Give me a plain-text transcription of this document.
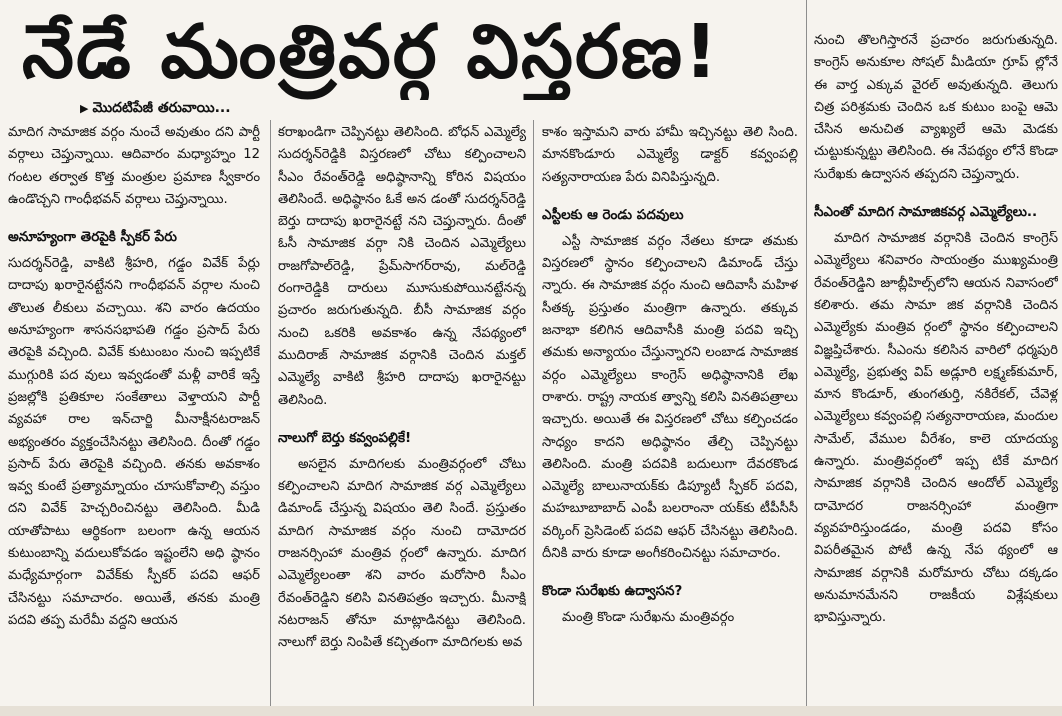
నేడే మంత్రివర్గ విస్తరణ!
▶ మొదటిపేజీ తరువాయి...

మాదిగ సామాజిక వర్గం నుంచే అవుతుం దని పార్టీ వర్గాలు చెప్తున్నాయి. ఆదివారం మధ్యాహ్నం 12 గంటల తర్వాత కొత్త మంత్రుల ప్రమాణ స్వీకారం ఉండొచ్చని గాంధీభవన్ వర్గాలు చెప్తున్నాయి.

అనూహ్యంగా తెరపైకి స్పీకర్ పేరు

సుదర్శన్‌రెడ్డి, వాకిటి శ్రీహరి, గడ్డం వివేక్ పేర్లు దాదాపు ఖరారైనట్టేనని గాంధీభవన్ వర్గాల నుంచి తొలుత లీకులు వచ్చాయి. శని వారం ఉదయం అనూహ్యంగా శాసనసభాపతి గడ్డం ప్రసాద్ పేరు తెరపైకి వచ్చింది. వివేక్ కుటుంబం నుంచి ఇప్పటికే ముగ్గురికి పద వులు ఇవ్వడంతో మళ్లీ వారికే ఇస్తే ప్రజల్లోకి ప్రతికూల సంకేతాలు వెళ్తాయని పార్టీ వ్యవహా రాల ఇన్‌చార్జి మీనాక్షీనటరాజన్ అభ్యంతరం వ్యక్తంచేసినట్టు తెలిసింది. దీంతో గడ్డం ప్రసాద్ పేరు తెరపైకి వచ్చింది. తనకు అవకాశం ఇవ్వ కుంటే ప్రత్యామ్నాయం చూసుకోవాల్సి వస్తుం దని వివేక్ హెచ్చరించినట్టు తెలిసింది. మీడి యాతోపాటు ఆర్థికంగా బలంగా ఉన్న ఆయన కుటుంబాన్ని వదులుకోవడం ఇష్టంలేని అధి ష్ఠానం మధ్యేమార్గంగా వివేక్‌కు స్పీకర్ పదవి ఆఫర్ చేసినట్టు సమాచారం. అయితే, తనకు మంత్రి పదవి తప్ప మరేమీ వద్దని ఆయన

కరాఖండిగా చెప్పినట్టు తెలిసింది. బోధన్ ఎమ్మెల్యే సుదర్శన్‌రెడ్డికి విస్తరణలో చోటు కల్పించాలని సీఎం రేవంత్‌రెడ్డి అధిష్ఠానాన్ని కోరిన విషయం తెలిసిందే. అధిష్ఠానం ఓకే అన డంతో సుదర్శన్‌రెడ్డి బెర్తు దాదాపు ఖరారైనట్టే నని చెప్తున్నారు. దీంతో ఓసీ సామాజిక వర్గా నికి చెందిన ఎమ్మెల్యేలు రాజగోపాల్‌రెడ్డి, ప్రేమ్‌సాగర్‌రావు, మల్‌రెడ్డి రంగారెడ్డికి దారులు మూసుకుపోయినట్టేనన్న ప్రచారం జరుగుతున్నది. బీసీ సామాజిక వర్గం నుంచి ఒకరికి అవకాశం ఉన్న నేపథ్యంలో ముదిరాజ్ సామాజిక వర్గానికి చెందిన మక్తల్ ఎమ్మెల్యే వాకిటి శ్రీహరి దాదాపు ఖరారైనట్టు తెలిసింది.

నాలుగో బెర్తు కవ్వంపల్లికే!

అసలైన మాదిగలకు మంత్రివర్గంలో చోటు కల్పించాలని మాదిగ సామాజిక వర్గ ఎమ్మెల్యేలు డిమాండ్ చేస్తున్న విషయం తెలి సిందే. ప్రస్తుతం మాదిగ సామాజిక వర్గం నుంచి దామోదర రాజనర్సింహా మంత్రివ ర్గంలో ఉన్నారు. మాదిగ ఎమ్మెల్యేలంతా శని వారం మరోసారి సీఎం రేవంత్‌రెడ్డిని కలిసి వినతిపత్రం ఇచ్చారు. మీనాక్షి నటరాజన్ తోనూ మాట్లాడినట్టు తెలిసింది. నాలుగో బెర్తు నింపితే కచ్చితంగా మాదిగలకు అవ

కాశం ఇస్తామని వారు హామీ ఇచ్చినట్టు తెలి సింది. మానకొండూరు ఎమ్మెల్యే డాక్టర్ కవ్వంపల్లి సత్యనారాయణ పేరు వినిపిస్తున్నది.

ఎస్టీలకు ఆ రెండు పదవులు

ఎస్టీ సామాజిక వర్గం నేతలు కూడా తమకు విస్తరణలో స్థానం కల్పించాలని డిమాండ్ చేస్తు న్నారు. ఈ సామాజిక వర్గం నుంచి ఆదివాసీ మహిళ సీతక్క ప్రస్తుతం మంత్రిగా ఉన్నారు. తక్కువ జనాభా కలిగిన ఆదివాసీకి మంత్రి పదవి ఇచ్చి తమకు అన్యాయం చేస్తున్నారని లంబాడ సామాజిక వర్గం ఎమ్మెల్యేలు కాంగ్రెస్ అధిష్ఠానానికి లేఖ రాశారు. రాష్ట్ర నాయక త్వాన్ని కలిసి వినతిపత్రాలు ఇచ్చారు. అయితే ఈ విస్తరణలో చోటు కల్పించడం సాధ్యం కాదని అధిష్ఠానం తేల్చి చెప్పినట్టు తెలిసింది. మంత్రి పదవికి బదులుగా దేవరకొండ ఎమ్మెల్యే బాలునాయక్‌కు డిప్యూటీ స్పీకర్ పదవి, మహబూబాబాద్ ఎంపీ బలరాంనా యక్‌కు టీపీసీసీ వర్కింగ్ ప్రెసిడెంట్ పదవి ఆఫర్ చేసినట్టు తెలిసింది. దీనికి వారు కూడా అంగీకరించినట్టు సమాచారం.

కొండా సురేఖకు ఉద్వాసన?

మంత్రి కొండా సురేఖను మంత్రివర్గం

నుంచి తొలగిస్తారనే ప్రచారం జరుగుతున్నది. కాంగ్రెస్ అనుకూల సోషల్ మీడియా గ్రూప్ ల్లోనే ఈ వార్త ఎక్కువ వైరల్ అవుతున్నది. తెలుగు చిత్ర పరిశ్రమకు చెందిన ఒక కుటుం బంపై ఆమె చేసిన అనుచిత వ్యాఖ్యలే ఆమె మెడకు చుట్టుకున్నట్టు తెలిసింది. ఈ నేపథ్యం లోనే కొండా సురేఖకు ఉద్వాసన తప్పదని చెప్తున్నారు.

సీఎంతో మాదిగ సామాజికవర్గ ఎమ్మెల్యేలు..

మాదిగ సామాజిక వర్గానికి చెందిన కాంగ్రెస్ ఎమ్మెల్యేలు శనివారం సాయంత్రం ముఖ్యమంత్రి రేవంత్‌రెడ్డిని జూబ్లీహిల్స్‌లోని ఆయన నివాసంలో కలిశారు. తమ సామా జిక వర్గానికి చెందిన ఎమ్మెల్యేకు మంత్రివ ర్గంలో స్థానం కల్పించాలని విజ్ఞప్తిచేశారు. సీఎంను కలిసిన వారిలో ధర్మపురి ఎమ్మెల్యే, ప్రభుత్వ విప్ అడ్లూరి లక్ష్మణ్‌కుమార్, మాన కొండూర్, తుంగతుర్తి, నకిరేకల్, చేవెళ్ల ఎమ్మెల్యేలు కవ్వంపల్లి సత్యనారాయణ, మందుల సామేల్, వేముల వీరేశం, కాలె యాదయ్య ఉన్నారు. మంత్రివర్గంలో ఇప్ప టికే మాదిగ సామాజిక వర్గానికి చెందిన ఆందోల్ ఎమ్మెల్యే దామోదర రాజనర్సింహా మంత్రిగా వ్యవహరిస్తుండడం, మంత్రి పదవి కోసం విపరీతమైన పోటీ ఉన్న నేప థ్యంలో ఆ సామాజిక వర్గానికి మరోమారు చోటు దక్కడం అనుమానమేనని రాజకీయ విశ్లేషకులు భావిస్తున్నారు.
